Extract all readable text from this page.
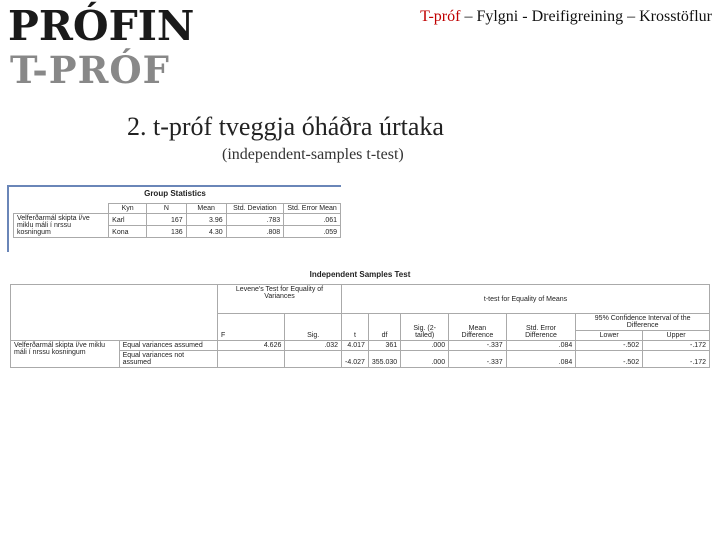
PRÓFIN
T-PRÓF
T-próf – Fylgni - Dreifigreining – Krosstöflur
2. t-próf tveggja óháðra úrtaka
(independent-samples t-test)
Group Statistics
	Kyn	N	Mean	Std. Deviation	Std. Error Mean
Velferðarmál skipta í/ve miklu máli í nrssu kosningum	Karl	167	3.96	.783	.061
	Kona	136	4.30	.808	.059
Independent Samples Test
		Levene's Test for Equality of Variances		t-test for Equality of Means						
		F	Sig.	t	df	Sig. (2-tailed)	Mean Difference	Std. Error Difference	95% Confidence Interval of the Difference	
									Lower	Upper
Velferðarmál skipta í/ve miklu máli í nrssu kosningum	Equal variances assumed	4.626	.032	4.017	361	.000	-.337	.084	-.502	-.172
	Equal variances not assumed			-4.027	355.030	.000	-.337	.084	-.502	-.172
